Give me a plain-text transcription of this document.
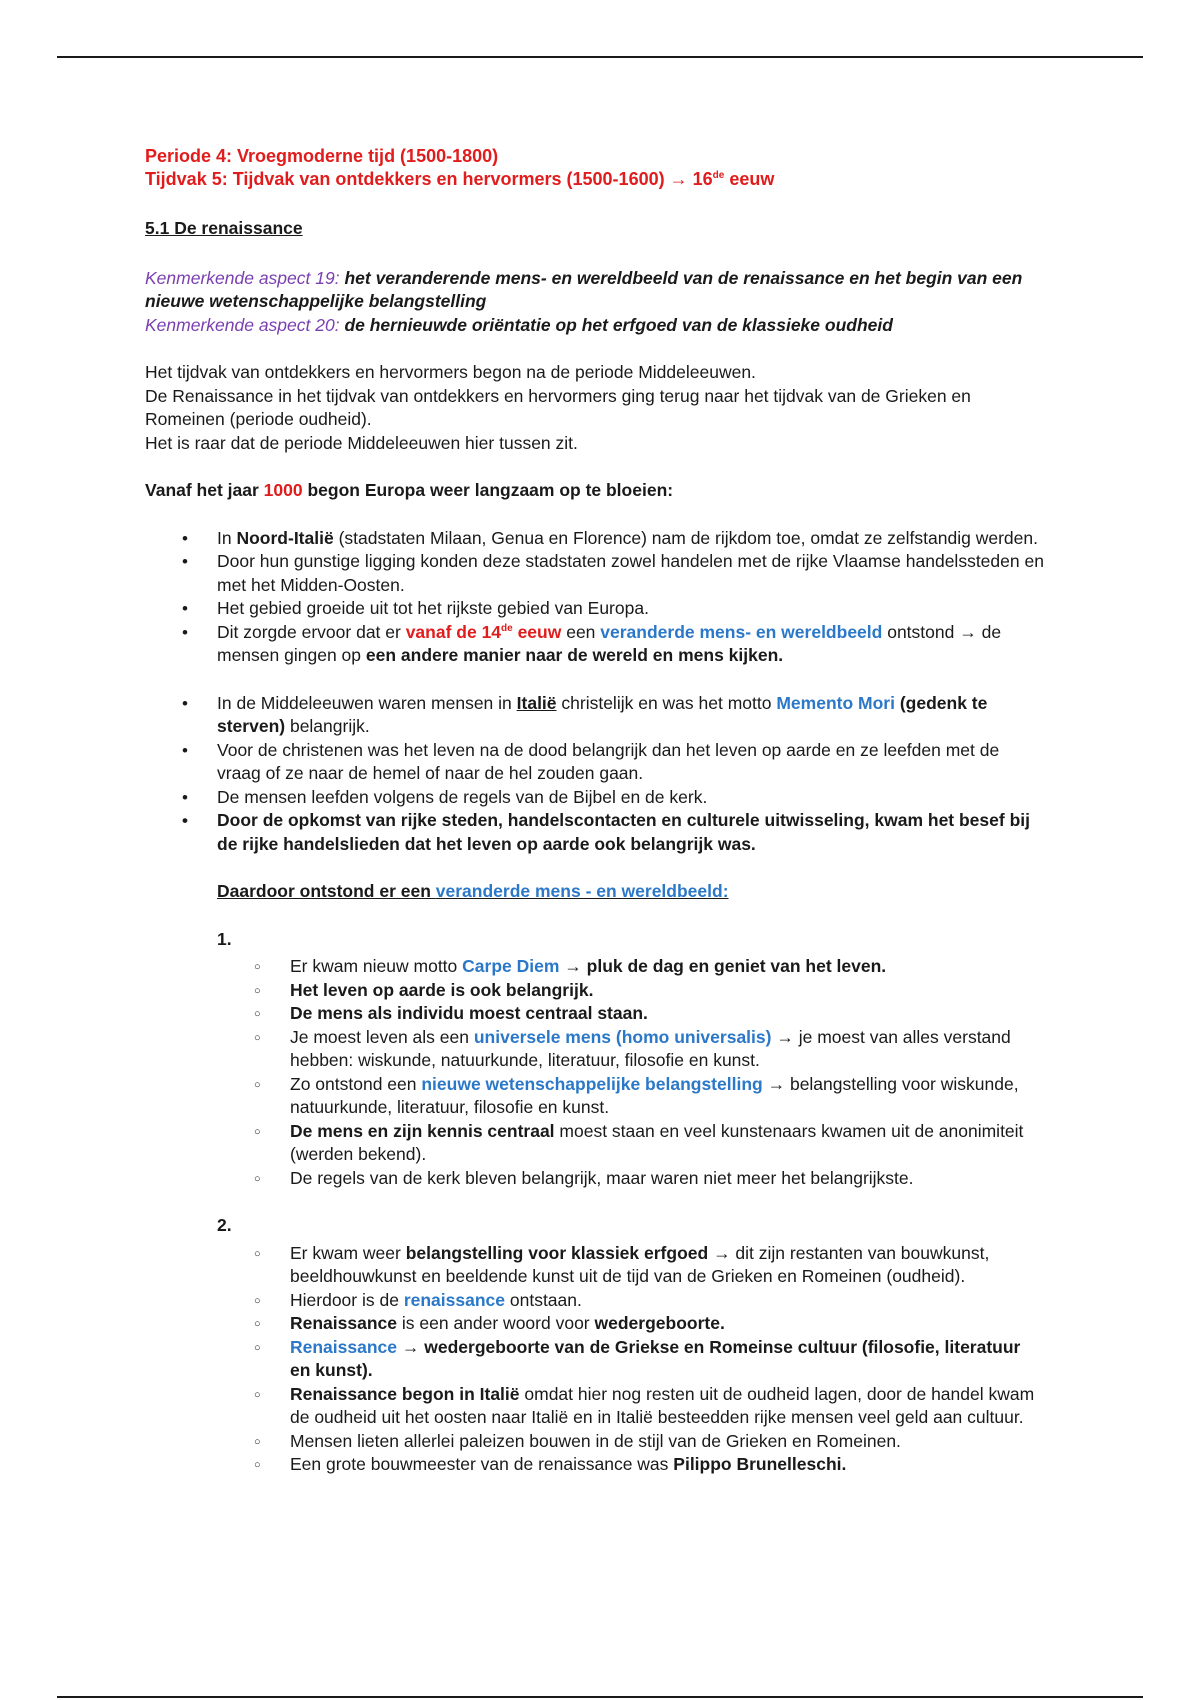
Periode 4: Vroegmoderne tijd (1500-1800)
Tijdvak 5: Tijdvak van ontdekkers en hervormers (1500-1600) → 16de eeuw
5.1 De renaissance
Kenmerkende aspect 19: het veranderende mens- en wereldbeeld van de renaissance en het begin van een nieuwe wetenschappelijke belangstelling
Kenmerkende aspect 20: de hernieuwde oriëntatie op het erfgoed van de klassieke oudheid
Het tijdvak van ontdekkers en hervormers begon na de periode Middeleeuwen.
De Renaissance in het tijdvak van ontdekkers en hervormers ging terug naar het tijdvak van de Grieken en Romeinen (periode oudheid).
Het is raar dat de periode Middeleeuwen hier tussen zit.
Vanaf het jaar 1000 begon Europa weer langzaam op te bloeien:
• In Noord-Italië (stadstaten Milaan, Genua en Florence) nam de rijkdom toe, omdat ze zelfstandig werden.
• Door hun gunstige ligging konden deze stadstaten zowel handelen met de rijke Vlaamse handelssteden en met het Midden-Oosten.
• Het gebied groeide uit tot het rijkste gebied van Europa.
• Dit zorgde ervoor dat er vanaf de 14de eeuw een veranderde mens- en wereldbeeld ontstond → de mensen gingen op een andere manier naar de wereld en mens kijken.
• In de Middeleeuwen waren mensen in Italië christelijk en was het motto Memento Mori (gedenk te sterven) belangrijk.
• Voor de christenen was het leven na de dood belangrijk dan het leven op aarde en ze leefden met de vraag of ze naar de hemel of naar de hel zouden gaan.
• De mensen leefden volgens de regels van de Bijbel en de kerk.
• Door de opkomst van rijke steden, handelscontacten en culturele uitwisseling, kwam het besef bij de rijke handelslieden dat het leven op aarde ook belangrijk was.
Daardoor ontstond er een veranderde mens - en wereldbeeld:
1.
○ Er kwam nieuw motto Carpe Diem → pluk de dag en geniet van het leven.
○ Het leven op aarde is ook belangrijk.
○ De mens als individu moest centraal staan.
○ Je moest leven als een universele mens (homo universalis) → je moest van alles verstand hebben: wiskunde, natuurkunde, literatuur, filosofie en kunst.
○ Zo ontstond een nieuwe wetenschappelijke belangstelling → belangstelling voor wiskunde, natuurkunde, literatuur, filosofie en kunst.
○ De mens en zijn kennis centraal moest staan en veel kunstenaars kwamen uit de anonimiteit (werden bekend).
○ De regels van de kerk bleven belangrijk, maar waren niet meer het belangrijkste.
2.
○ Er kwam weer belangstelling voor klassiek erfgoed → dit zijn restanten van bouwkunst, beeldhouwkunst en beeldende kunst uit de tijd van de Grieken en Romeinen (oudheid).
○ Hierdoor is de renaissance ontstaan.
○ Renaissance is een ander woord voor wedergeboorte.
○ Renaissance → wedergeboorte van de Griekse en Romeinse cultuur (filosofie, literatuur en kunst).
○ Renaissance begon in Italië omdat hier nog resten uit de oudheid lagen, door de handel kwam de oudheid uit het oosten naar Italië en in Italië besteedden rijke mensen veel geld aan cultuur.
○ Mensen lieten allerlei paleizen bouwen in de stijl van de Grieken en Romeinen.
○ Een grote bouwmeester van de renaissance was Pilippo Brunelleschi.
